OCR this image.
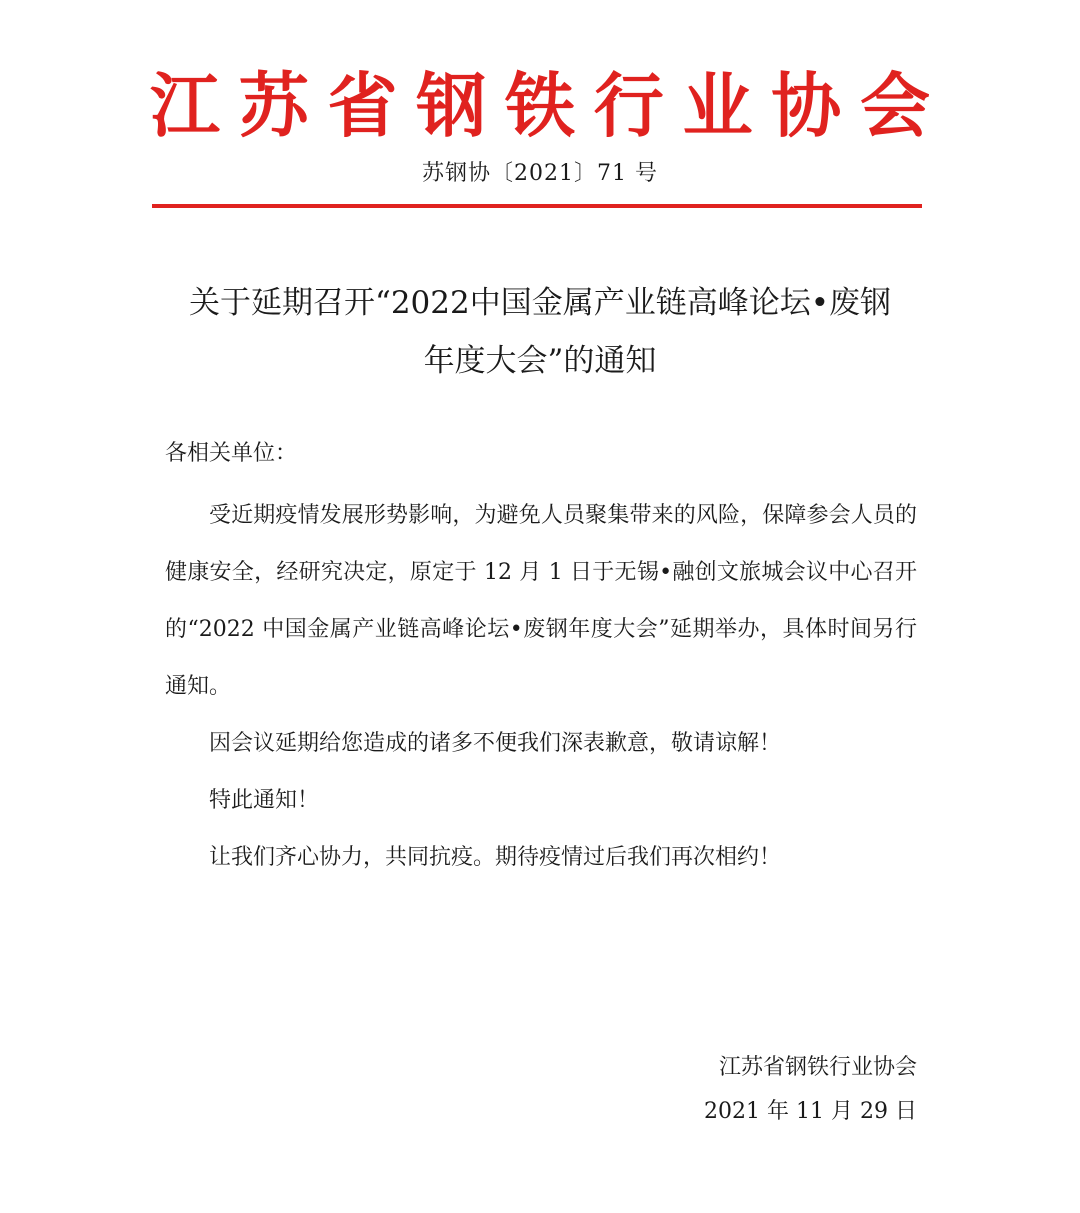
江 苏 省 钢 铁 行 业 协 会
苏钢协〔2021〕71 号
关于延期召开“2022中国金属产业链高峰论坛•废钢
年度大会”的通知
各相关单位：

受近期疫情发展形势影响，为避免人员聚集带来的风险，保障参会人员的健康安全，经研究决定，原定于 12 月 1 日于无锡•融创文旅城会议中心召开的“2022 中国金属产业链高峰论坛•废钢年度大会”延期举办，具体时间另行通知。

因会议延期给您造成的诸多不便我们深表歉意，敬请谅解！

特此通知！

让我们齐心协力，共同抗疫。期待疫情过后我们再次相约！

江苏省钢铁行业协会
2021 年 11 月 29 日
